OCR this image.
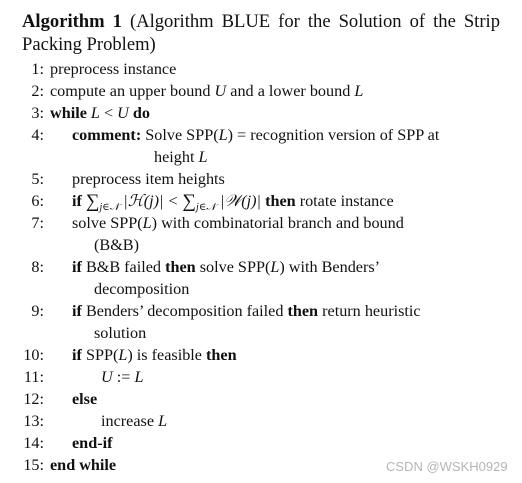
Algorithm 1 (Algorithm BLUE for the Solution of the Strip Packing Problem)
1: preprocess instance
2: compute an upper bound U and a lower bound L
3: while L < U do
4: comment: Solve SPP(L) = recognition version of SPP at
height L
5: preprocess item heights
6: if $\sum_{j\in 𝒩}$ |ℋ(j)| < $\sum_{j\in 𝒩}$ |𝒲(j)| then rotate instance
7: solve SPP(L) with combinatorial branch and bound
(B&B)
8: if B&B failed then solve SPP(L) with Benders’
decomposition
9: if Benders’ decomposition failed then return heuristic
solution
10: if SPP(L) is feasible then
11:	U := L
12: else
13:	increase L
14: end-if
15: end while	CSDN @WSKH0929
